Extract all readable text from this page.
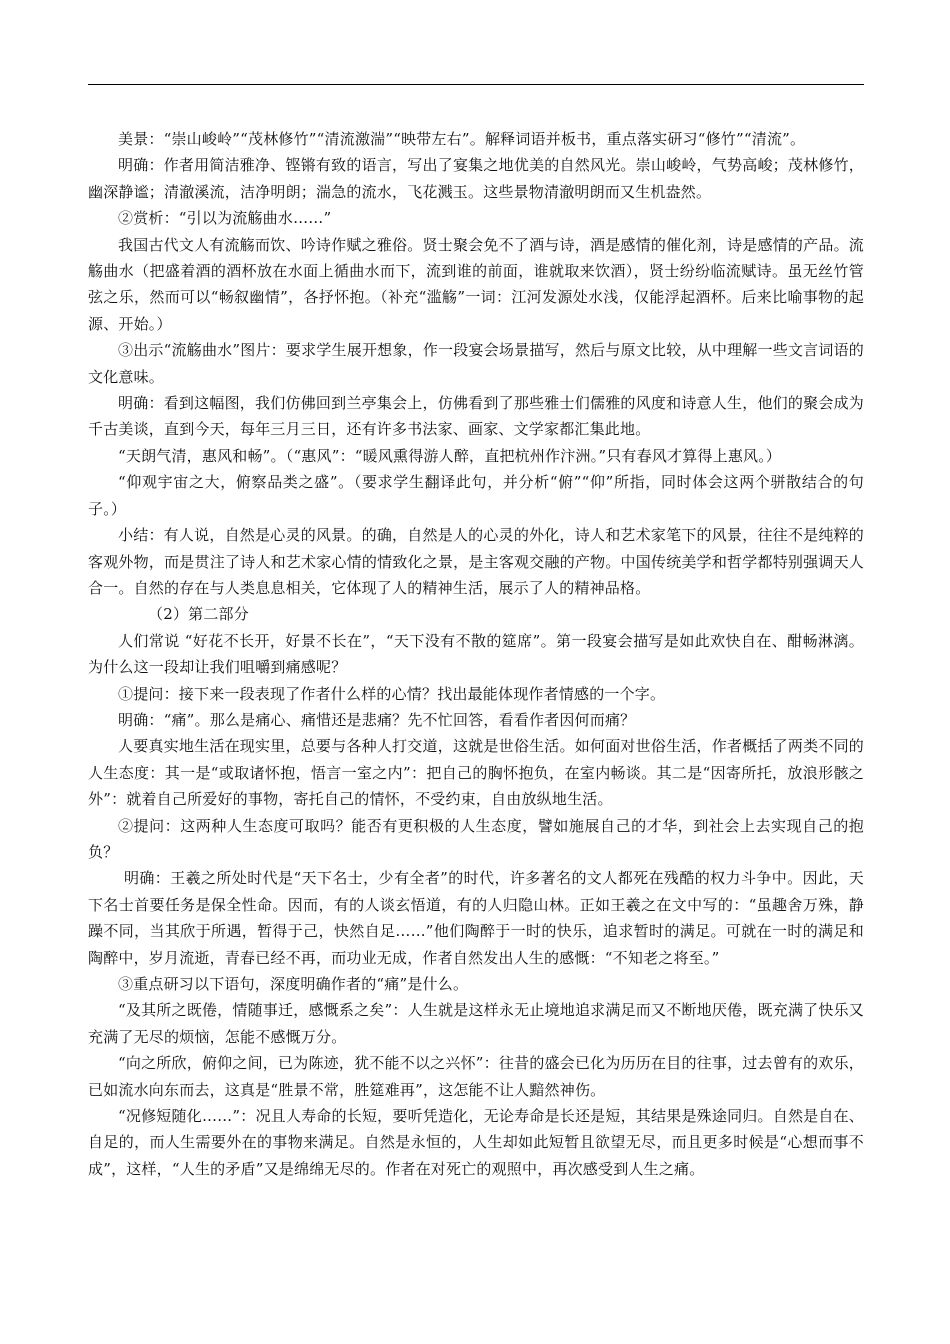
美景：“崇山峻岭”“茂林修竹”“清流激湍”“映带左右”。解释词语并板书，重点落实研习“修竹”“清流”。

明确：作者用简洁雅净、铿锵有致的语言，写出了宴集之地优美的自然风光。崇山峻岭，气势高峻；茂林修竹，幽深静谧；清澈溪流，洁净明朗；湍急的流水，飞花溅玉。这些景物清澈明朗而又生机盎然。

②赏析：“引以为流觞曲水……”

我国古代文人有流觞而饮、吟诗作赋之雅俗。贤士聚会免不了酒与诗，酒是感情的催化剂，诗是感情的产品。流觞曲水（把盛着酒的酒杯放在水面上循曲水而下，流到谁的前面，谁就取来饮酒），贤士纷纷临流赋诗。虽无丝竹管弦之乐，然而可以“畅叙幽情”，各抒怀抱。（补充“滥觞”一词：江河发源处水浅，仅能浮起酒杯。后来比喻事物的起源、开始。）

③出示“流觞曲水”图片：要求学生展开想象，作一段宴会场景描写，然后与原文比较，从中理解一些文言词语的文化意味。

明确：看到这幅图，我们仿佛回到兰亭集会上，仿佛看到了那些雅士们儒雅的风度和诗意人生，他们的聚会成为千古美谈，直到今天，每年三月三日，还有许多书法家、画家、文学家都汇集此地。

“天朗气清，惠风和畅”。（“惠风”：“暖风熏得游人醉，直把杭州作汴洲。”只有春风才算得上惠风。）

“仰观宇宙之大，俯察品类之盛”。（要求学生翻译此句，并分析“俯”“仰”所指，同时体会这两个骈散结合的句子。）

小结：有人说，自然是心灵的风景。的确，自然是人的心灵的外化，诗人和艺术家笔下的风景，往往不是纯粹的客观外物，而是贯注了诗人和艺术家心情的情致化之景，是主客观交融的产物。中国传统美学和哲学都特别强调天人合一。自然的存在与人类息息相关，它体现了人的精神生活，展示了人的精神品格。

（2）第二部分

人们常说 “好花不长开，好景不长在”，“天下没有不散的筵席”。第一段宴会描写是如此欢快自在、酣畅淋漓。为什么这一段却让我们咀嚼到痛感呢？

①提问：接下来一段表现了作者什么样的心情？找出最能体现作者情感的一个字。

明确：“痛”。那么是痛心、痛惜还是悲痛？先不忙回答，看看作者因何而痛？

人要真实地生活在现实里，总要与各种人打交道，这就是世俗生活。如何面对世俗生活，作者概括了两类不同的人生态度：其一是“或取诸怀抱，悟言一室之内”：把自己的胸怀抱负，在室内畅谈。其二是“因寄所托，放浪形骸之外”：就着自己所爱好的事物，寄托自己的情怀，不受约束，自由放纵地生活。

②提问：这两种人生态度可取吗？能否有更积极的人生态度，譬如施展自己的才华，到社会上去实现自己的抱负？

明确：王羲之所处时代是“天下名士，少有全者”的时代，许多著名的文人都死在残酷的权力斗争中。因此，天下名士首要任务是保全性命。因而，有的人谈玄悟道，有的人归隐山林。正如王羲之在文中写的：“虽趣舍万殊，静躁不同，当其欣于所遇，暂得于己，快然自足……”他们陶醉于一时的快乐，追求暂时的满足。可就在一时的满足和陶醉中，岁月流逝，青春已经不再，而功业无成，作者自然发出人生的感慨：“不知老之将至。”

③重点研习以下语句，深度明确作者的“痛”是什么。

“及其所之既倦，情随事迁，感慨系之矣”：人生就是这样永无止境地追求满足而又不断地厌倦，既充满了快乐又充满了无尽的烦恼，怎能不感慨万分。

“向之所欣，俯仰之间，已为陈迹，犹不能不以之兴怀”：往昔的盛会已化为历历在目的往事，过去曾有的欢乐，已如流水向东而去，这真是“胜景不常，胜筵难再”，这怎能不让人黯然神伤。

“况修短随化……”：况且人寿命的长短，要听凭造化，无论寿命是长还是短，其结果是殊途同归。自然是自在、自足的，而人生需要外在的事物来满足。自然是永恒的，人生却如此短暂且欲望无尽，而且更多时候是“心想而事不成”，这样，“人生的矛盾”又是绵绵无尽的。作者在对死亡的观照中，再次感受到人生之痛。
